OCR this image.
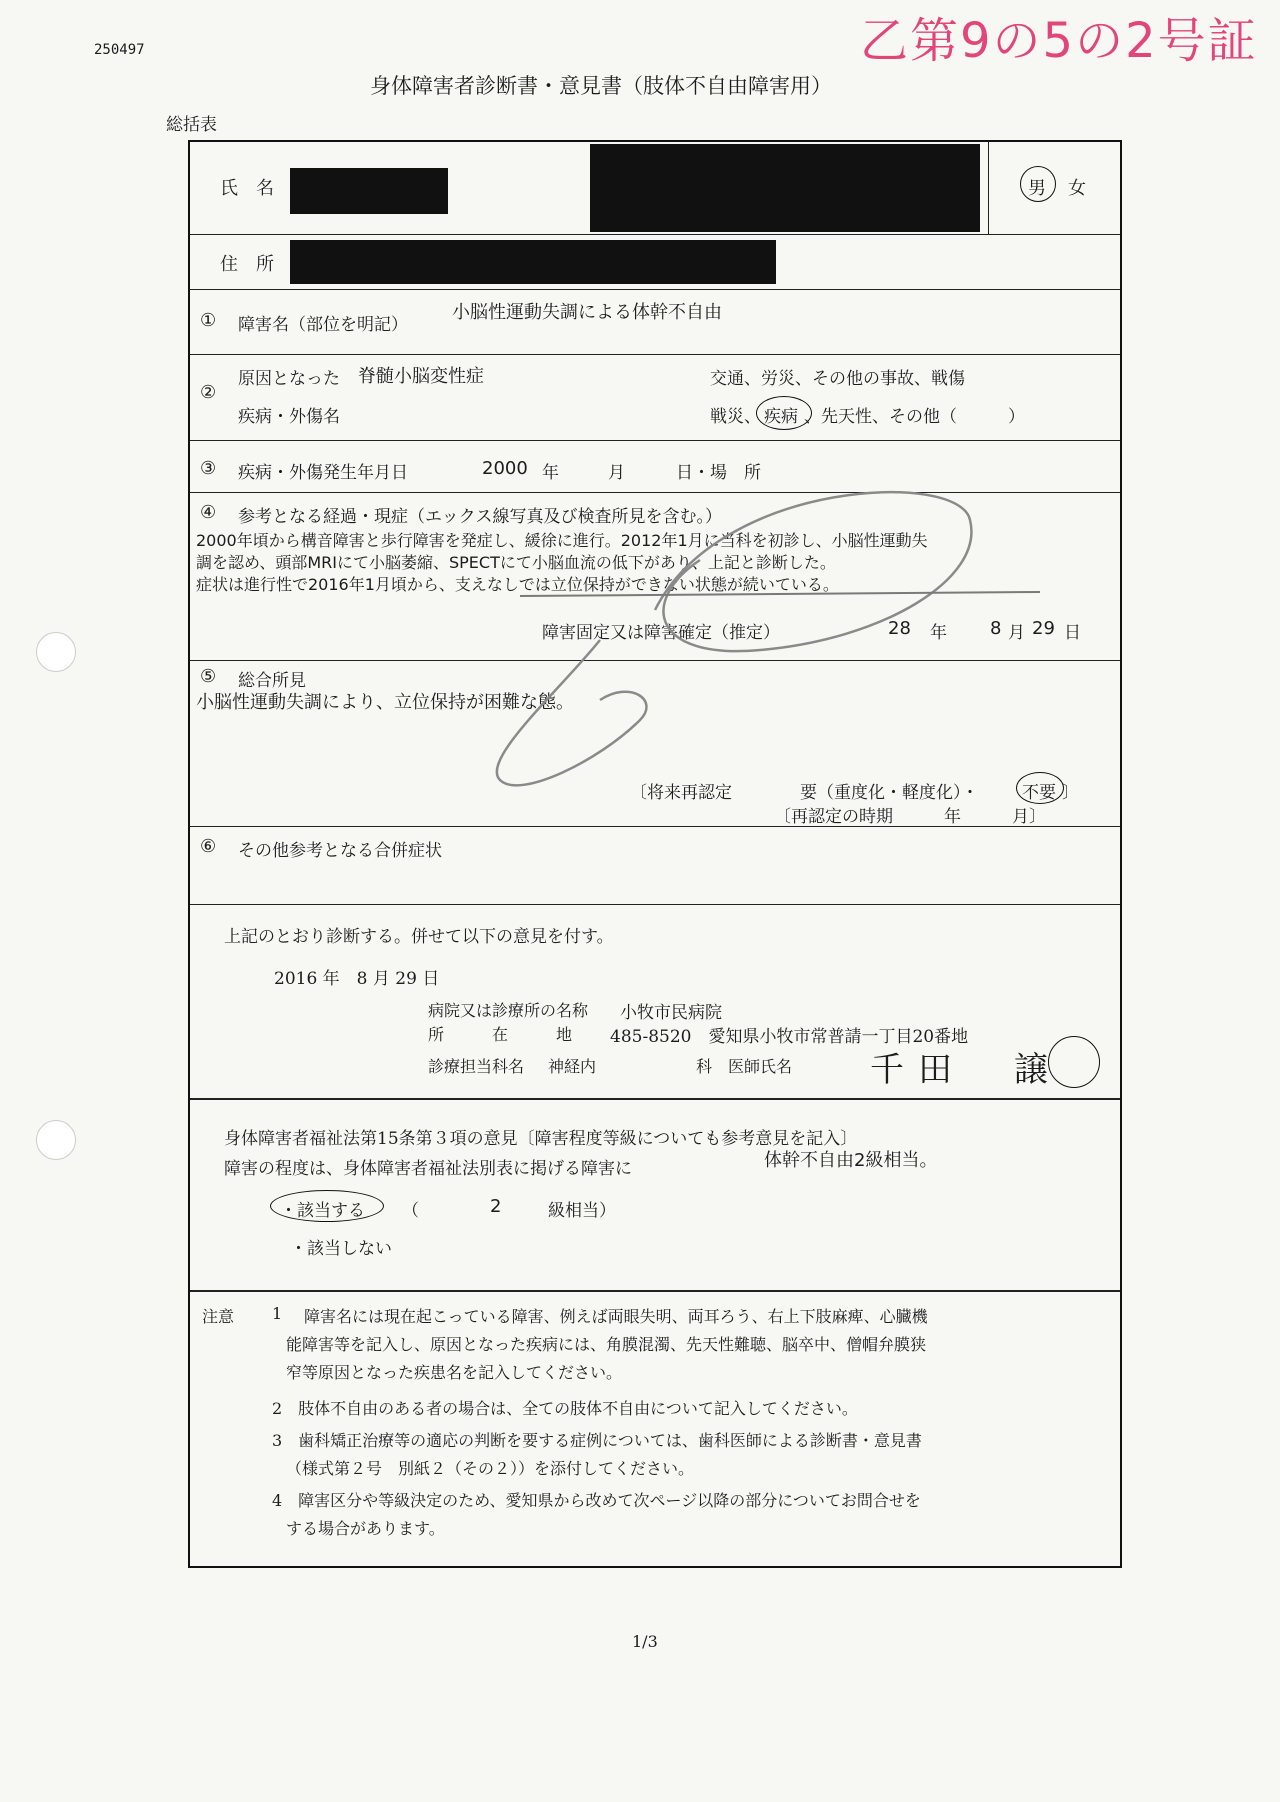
250497	乙第9の5の2号証
身体障害者診断書・意見書（肢体不自由障害用）
総括表
氏　名	男 女
住　所
① 障害名（部位を明記）
小脳性運動失調による体幹不自由
②
原因となった 脊髄小脳変性症
疾病・外傷名
交通、労災、その他の事故、戦傷
戦災、 疾病 、先天性、その他（　　　）
③ 疾病・外傷発生年月日	2000 年	月	日・場　所
④ 参考となる経過・現症（エックス線写真及び検査所見を含む。）
2000年頃から構音障害と歩行障害を発症し、緩徐に進行。2012年1月に当科を初診し、小脳性運動失
調を認め、頭部MRIにて小脳萎縮、SPECTにて小脳血流の低下があり、上記と診断した。
症状は進行性で2016年1月頃から、支えなしでは立位保持ができない状態が続いている。
障害固定又は障害確定（推定）	28 年 8 月 29 日
⑤ 総合所見
小脳性運動失調により、立位保持が困難な態。
〔将来再認定	要（重度化・軽度化）・	不要 〕
〔再認定の時期　　　年　　　月〕
⑥ その他参考となる合併症状
上記のとおり診断する。併せて以下の意見を付す。
2016 年　8 月 29 日
病院又は診療所の名称 小牧市民病院
所　　　在　　　地 485-8520　愛知県小牧市常普請一丁目20番地
診療担当科名 神経内	科　医師氏名 千田　譲
身体障害者福祉法第15条第３項の意見〔障害程度等級についても参考意見を記入〕
障害の程度は、身体障害者福祉法別表に掲げる障害に	体幹不自由2級相当。
・該当する （	2	級相当）
・該当しない
注意 1 障害名には現在起こっている障害、例えば両眼失明、両耳ろう、右上下肢麻痺、心臓機
能障害等を記入し、原因となった疾病には、角膜混濁、先天性難聴、脳卒中、僧帽弁膜狭
窄等原因となった疾患名を記入してください。
2　肢体不自由のある者の場合は、全ての肢体不自由について記入してください。
3　歯科矯正治療等の適応の判断を要する症例については、歯科医師による診断書・意見書
（様式第２号　別紙２（その２））を添付してください。
4　障害区分や等級決定のため、愛知県から改めて次ページ以降の部分についてお問合せを
する場合があります。
1/3
